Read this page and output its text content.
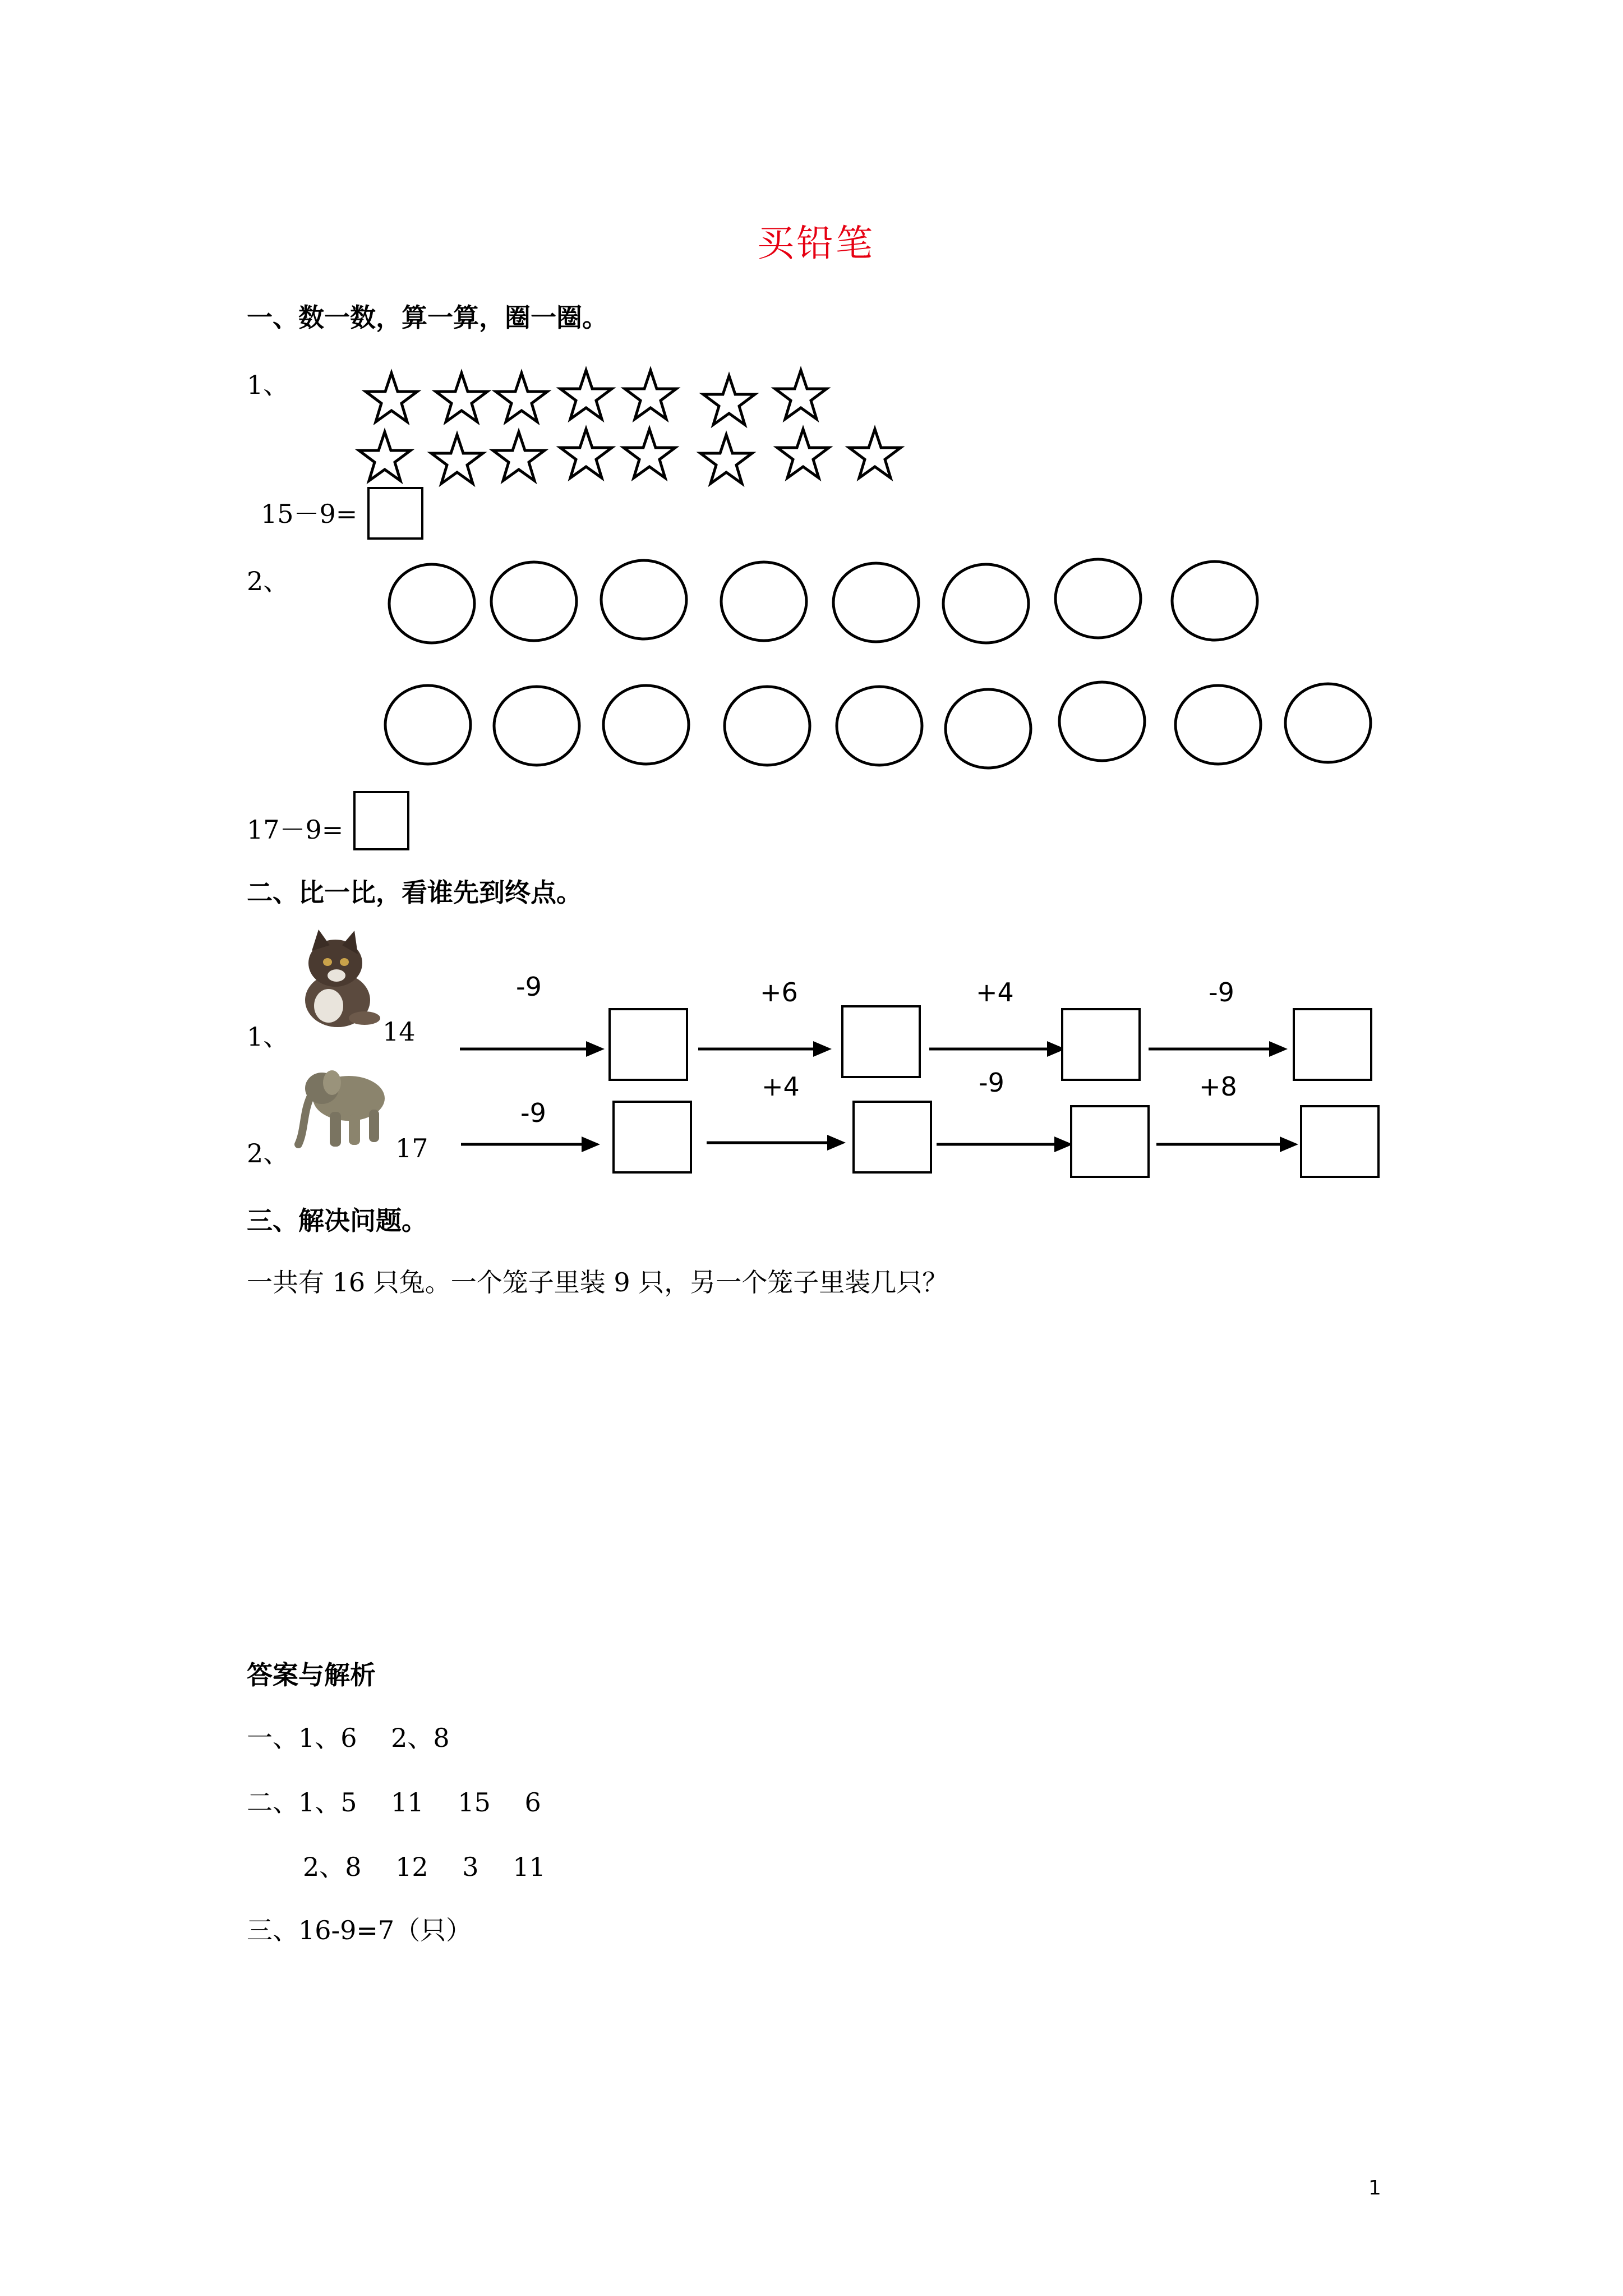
买铅笔
一、数一数，算一算，圈一圈。
1、
15－9=
2、
17－9=
二、比一比，看谁先到终点。
1、	14
-9	+6	+4	-9
2、	17
-9
+4	-9	+8
三、解决问题。
一共有 16 只兔。一个笼子里装 9 只，另一个笼子里装几只？
答案与解析
一、1、6　 2、8
二、1、5　 11　 15　 6
2、8　 12　 3　 11
三、16-9=7（只）
1
